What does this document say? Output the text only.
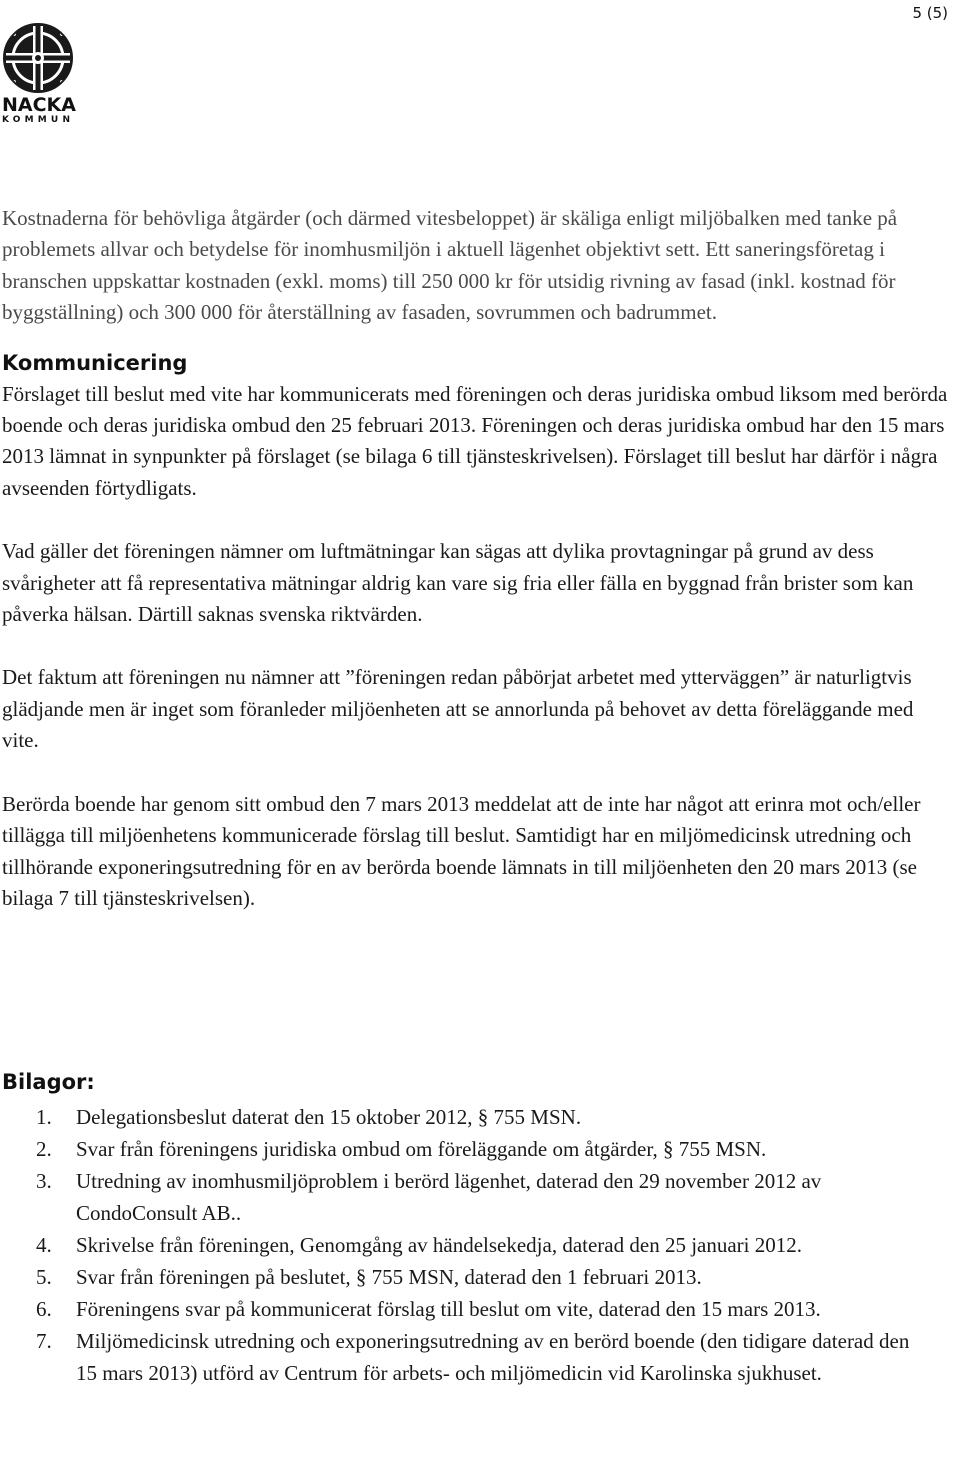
5 (5)
NACKA
KOMMUN

Kostnaderna för behövliga åtgärder (och därmed vitesbeloppet) är skäliga enligt miljöbalken med tanke på problemets allvar och betydelse för inomhusmiljön i aktuell lägenhet objektivt sett. Ett saneringsföretag i branschen uppskattar kostnaden (exkl. moms) till 250 000 kr för utsidig rivning av fasad (inkl. kostnad för byggställning) och 300 000 för återställning av fasaden, sovrummen och badrummet.

Kommunicering

Förslaget till beslut med vite har kommunicerats med föreningen och deras juridiska ombud liksom med berörda boende och deras juridiska ombud den 25 februari 2013. Föreningen och deras juridiska ombud har den 15 mars 2013 lämnat in synpunkter på förslaget (se bilaga 6 till tjänsteskrivelsen). Förslaget till beslut har därför i några avseenden förtydligats.

Vad gäller det föreningen nämner om luftmätningar kan sägas att dylika provtagningar på grund av dess svårigheter att få representativa mätningar aldrig kan vare sig fria eller fälla en byggnad från brister som kan påverka hälsan. Därtill saknas svenska riktvärden.

Det faktum att föreningen nu nämner att ”föreningen redan påbörjat arbetet med ytterväggen” är naturligtvis glädjande men är inget som föranleder miljöenheten att se annorlunda på behovet av detta föreläggande med vite.

Berörda boende har genom sitt ombud den 7 mars 2013 meddelat att de inte har något att erinra mot och/eller tillägga till miljöenhetens kommunicerade förslag till beslut. Samtidigt har en miljömedicinsk utredning och tillhörande exponeringsutredning för en av berörda boende lämnats in till miljöenheten den 20 mars 2013 (se bilaga 7 till tjänsteskrivelsen).

Bilagor:
1.	Delegationsbeslut daterat den 15 oktober 2012, § 755 MSN.
2.	Svar från föreningens juridiska ombud om föreläggande om åtgärder, § 755 MSN.
3.	Utredning av inomhusmiljöproblem i berörd lägenhet, daterad den 29 november 2012 av CondoConsult AB..
4.	Skrivelse från föreningen, Genomgång av händelsekedja, daterad den 25 januari 2012.
5.	Svar från föreningen på beslutet, § 755 MSN, daterad den 1 februari 2013.
6.	Föreningens svar på kommunicerat förslag till beslut om vite, daterad den 15 mars 2013.
7.	Miljömedicinsk utredning och exponeringsutredning av en berörd boende (den tidigare daterad den 15 mars 2013) utförd av Centrum för arbets- och miljömedicin vid Karolinska sjukhuset.
